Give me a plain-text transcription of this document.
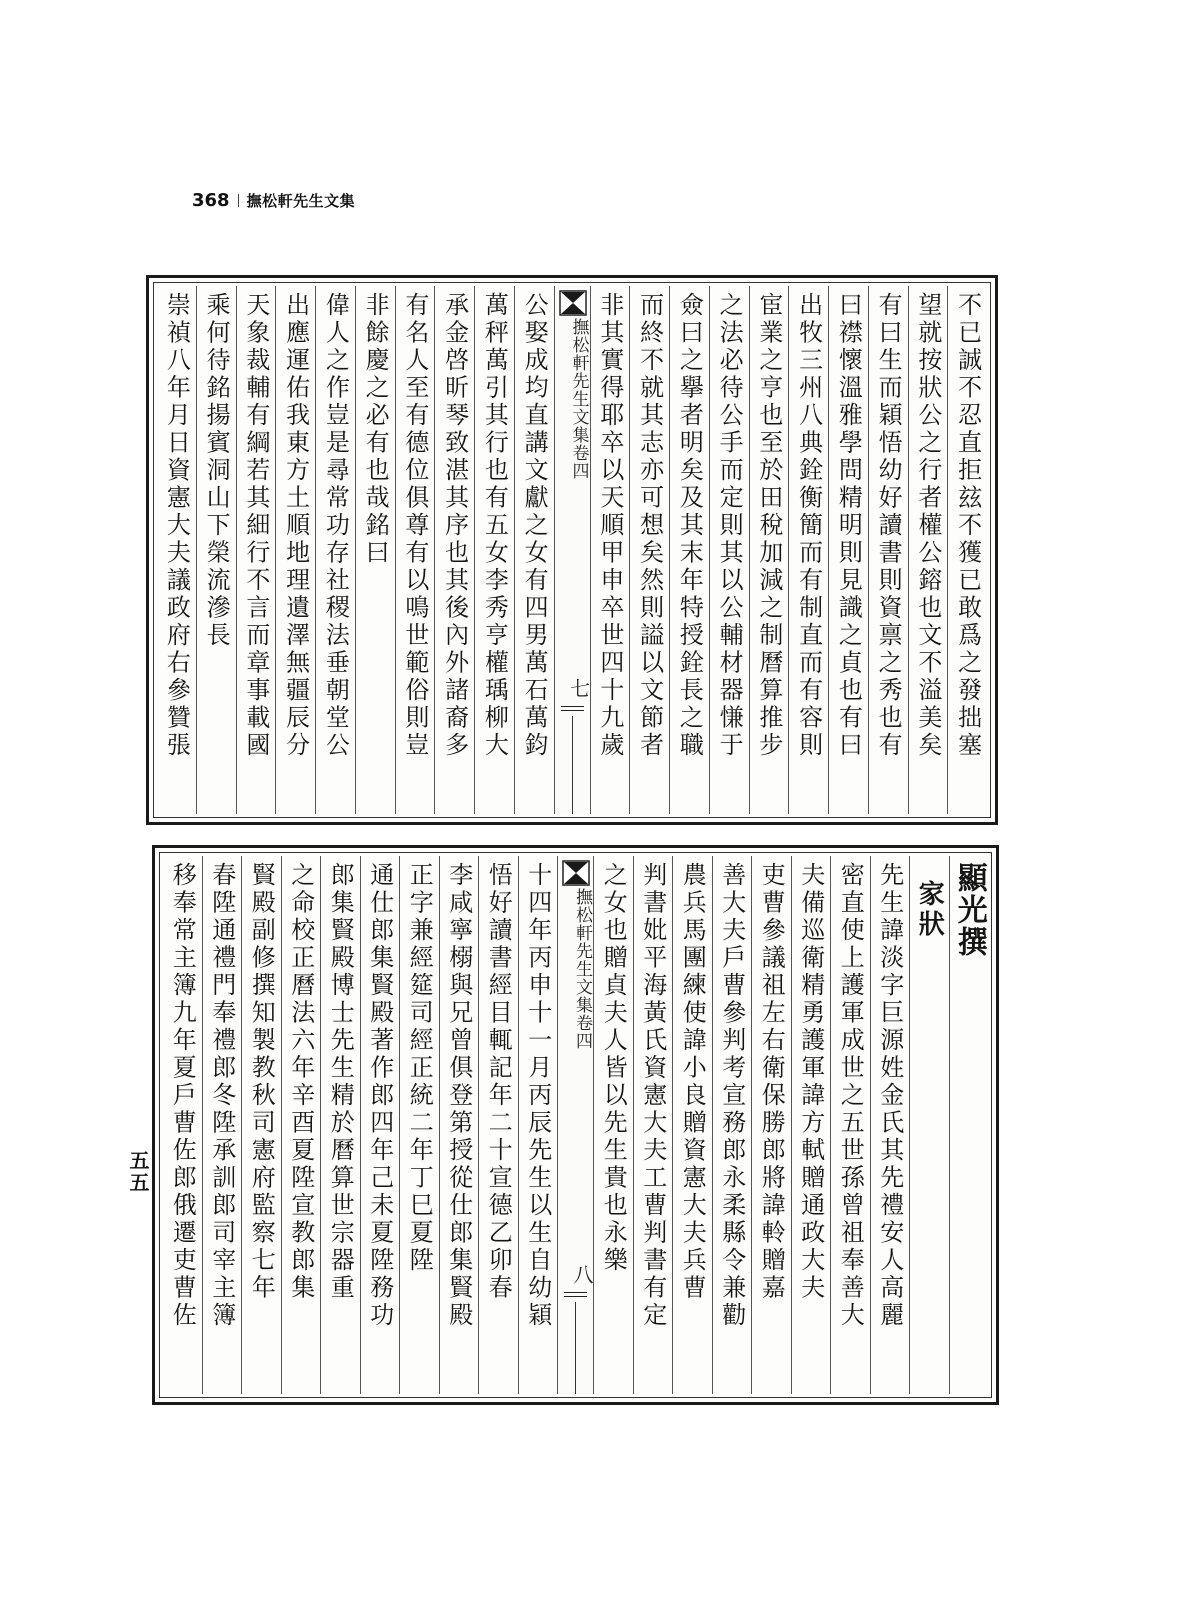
368 撫松軒先生文集
不已誠不忍直拒玆不獲已敢爲之發拙塞
望就按狀公之行者權公鎔也文不溢美矣
有曰生而穎悟幼好讀書則資禀之秀也有
曰襟懷溫雅學問精明則見識之貞也有曰
出牧三州八典銓衡簡而有制直而有容則
宦業之亨也至於田稅加減之制曆算推步
之法必待公手而定則其以公輔材器慊于
僉曰之擧者明矣及其末年特授銓長之職
而終不就其志亦可想矣然則謚以文節者
非其實得耶卒以天順甲申卒世四十九歲
撫松軒先生文集卷四
七
公娶成均直講文獻之女有四男萬石萬鈞
萬秤萬引其行也有五女李秀亨權瑀柳大
承金啓昕琴致湛其序也其後內外諸裔多
有名人至有德位俱尊有以鳴世範俗則豈
非餘慶之必有也哉銘曰
偉人之作豈是尋常功存社稷法垂朝堂公
出應運佑我東方土順地理遺澤無疆辰分
天象裁輔有綱若其細行不言而章事載國
乘何待銘揚賓洞山下榮流滲長
崇禎八年月日資憲大夫議政府右參贊張
顯光撰
家狀
先生諱淡字巨源姓金氏其先禮安人高麗
密直使上護軍成世之五世孫曾祖奉善大
夫備巡衛精勇護軍諱方軾贈通政大夫
吏曹參議祖左右衛保勝郎將諱軨贈嘉
善大夫戶曹參判考宣務郎永柔縣令兼勸
農兵馬團練使諱小良贈資憲大夫兵曹
判書妣平海黃氏資憲大夫工曹判書有定
之女也贈貞夫人皆以先生貴也永樂
撫松軒先生文集卷四
八
十四年丙申十一月丙辰先生以生自幼穎
悟好讀書經目輒記年二十宣德乙卯春
李咸寧榒與兄曾俱登第授從仕郎集賢殿
正字兼經筵司經正統二年丁巳夏陞
通仕郎集賢殿著作郎四年己未夏陞務功
郎集賢殿博士先生精於曆算世宗器重
之命校正曆法六年辛酉夏陞宣教郎集
賢殿副修撰知製教秋司憲府監察七年
春陞通禮門奉禮郎冬陞承訓郎司宰主簿
移奉常主簿九年夏戶曹佐郎俄遷吏曹佐
五五
